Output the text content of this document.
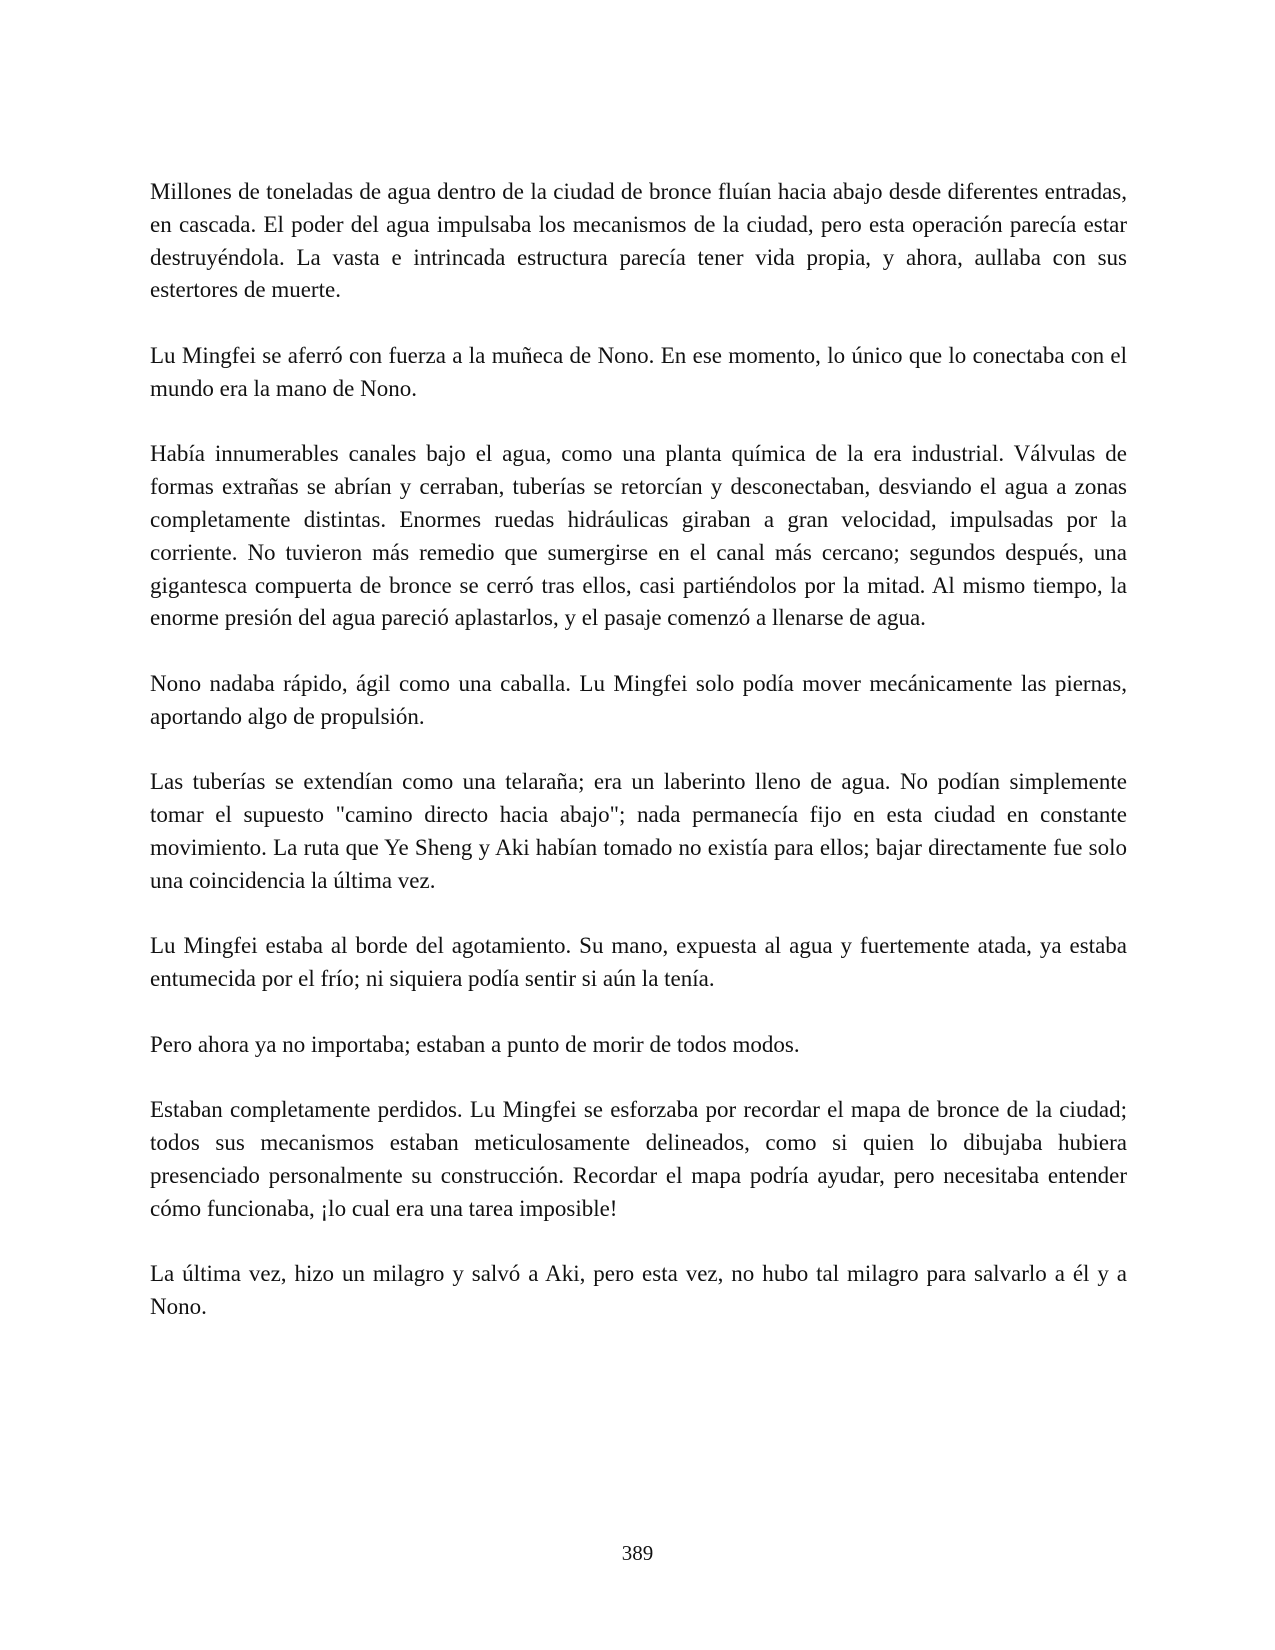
Millones de toneladas de agua dentro de la ciudad de bronce fluían hacia abajo desde diferentes entradas, en cascada. El poder del agua impulsaba los mecanismos de la ciudad, pero esta operación parecía estar destruyéndola. La vasta e intrincada estructura parecía tener vida propia, y ahora, aullaba con sus estertores de muerte.

Lu Mingfei se aferró con fuerza a la muñeca de Nono. En ese momento, lo único que lo conectaba con el mundo era la mano de Nono.

Había innumerables canales bajo el agua, como una planta química de la era industrial. Válvulas de formas extrañas se abrían y cerraban, tuberías se retorcían y desconectaban, desviando el agua a zonas completamente distintas. Enormes ruedas hidráulicas giraban a gran velocidad, impulsadas por la corriente. No tuvieron más remedio que sumergirse en el canal más cercano; segundos después, una gigantesca compuerta de bronce se cerró tras ellos, casi partiéndolos por la mitad. Al mismo tiempo, la enorme presión del agua pareció aplastarlos, y el pasaje comenzó a llenarse de agua.

Nono nadaba rápido, ágil como una caballa. Lu Mingfei solo podía mover mecánicamente las piernas, aportando algo de propulsión.

Las tuberías se extendían como una telaraña; era un laberinto lleno de agua. No podían simplemente tomar el supuesto "camino directo hacia abajo"; nada permanecía fijo en esta ciudad en constante movimiento. La ruta que Ye Sheng y Aki habían tomado no existía para ellos; bajar directamente fue solo una coincidencia la última vez.

Lu Mingfei estaba al borde del agotamiento. Su mano, expuesta al agua y fuertemente atada, ya estaba entumecida por el frío; ni siquiera podía sentir si aún la tenía.

Pero ahora ya no importaba; estaban a punto de morir de todos modos.

Estaban completamente perdidos. Lu Mingfei se esforzaba por recordar el mapa de bronce de la ciudad; todos sus mecanismos estaban meticulosamente delineados, como si quien lo dibujaba hubiera presenciado personalmente su construcción. Recordar el mapa podría ayudar, pero necesitaba entender cómo funcionaba, ¡lo cual era una tarea imposible!

La última vez, hizo un milagro y salvó a Aki, pero esta vez, no hubo tal milagro para salvarlo a él y a Nono.

389
